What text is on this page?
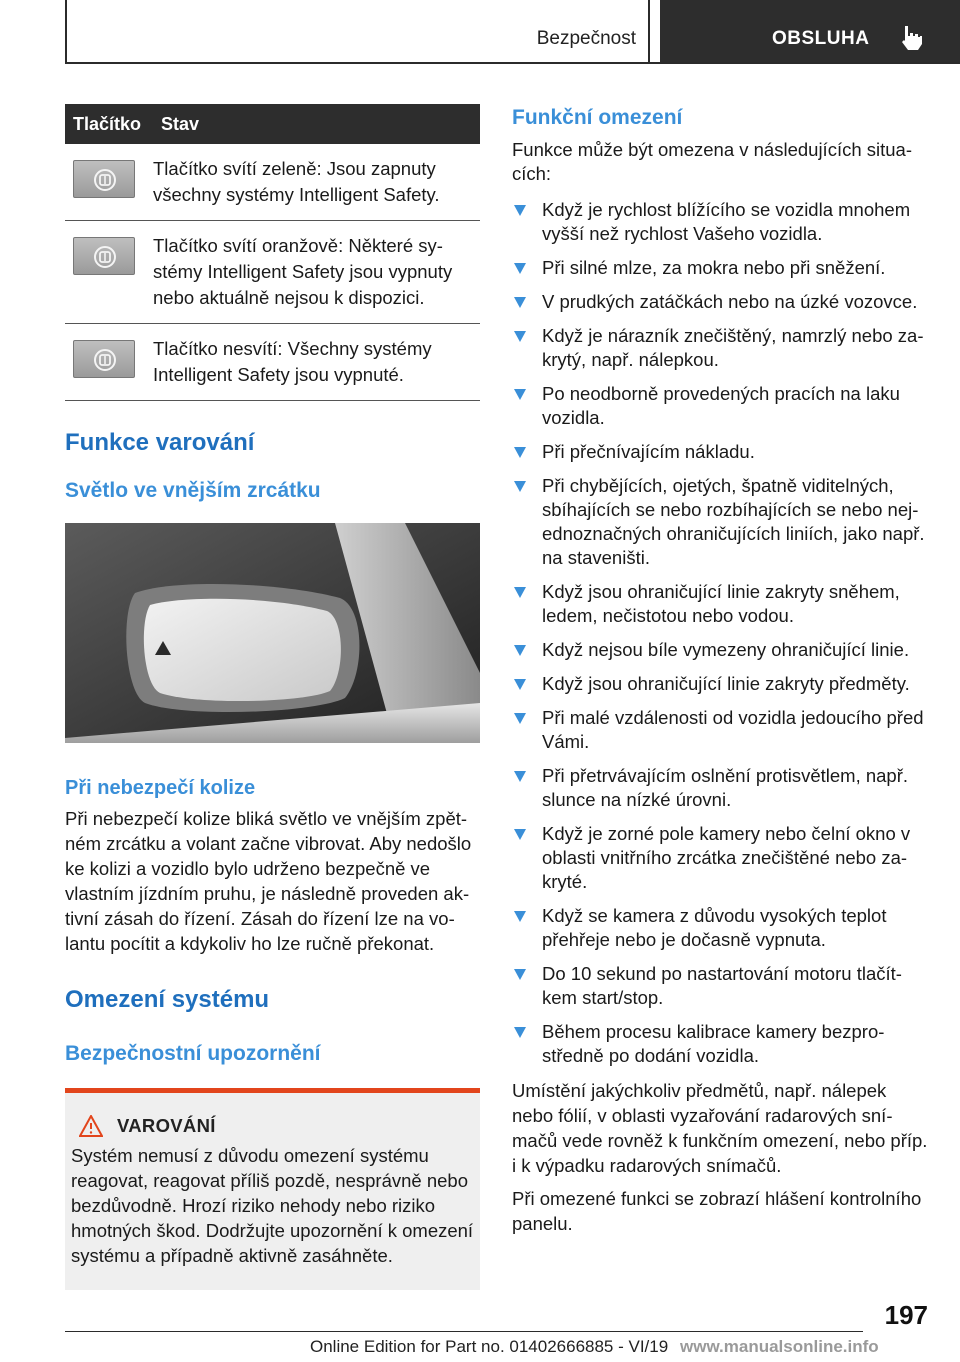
Bezpečnost	OBSLUHA
Tlačítko	Stav

	Tlačítko svítí zeleně: Jsou zapnuty všechny systémy Intelligent Safety.

	Tlačítko svítí oranžově: Některé systémy Intelligent Safety jsou vypnuty nebo aktuálně nejsou k dispozici.

	Tlačítko nesvítí: Všechny systémy Intelligent Safety jsou vypnuté.
Funkce varování
Světlo ve vnějším zrcátku
Při nebezpečí kolize

Při nebezpečí kolize bliká světlo ve vnějším zpětném zrcátku a volant začne vibrovat. Aby nedošlo ke kolizi a vozidlo bylo udrženo bezpečně ve vlastním jízdním pruhu, je následně proveden aktivní zásah do řízení. Zásah do řízení lze na volantu pocítit a kdykoliv ho lze ručně překonat.

Omezení systému
Bezpečnostní upozornění
VAROVÁNÍ

Systém nemusí z důvodu omezení systému reagovat, reagovat příliš pozdě, nesprávně nebo bezdůvodně. Hrozí riziko nehody nebo riziko hmotných škod. Dodržujte upozornění k omezení systému a případně aktivně zasáhněte.

Funkční omezení

Funkce může být omezena v následujících situacích:

Když je rychlost blížícího se vozidla mnohem vyšší než rychlost Vašeho vozidla.
Při silné mlze, za mokra nebo při sněžení.
V prudkých zatáčkách nebo na úzké vozovce.
Když je nárazník znečištěný, namrzlý nebo zakrytý, např. nálepkou.
Po neodborně provedených pracích na laku vozidla.
Při přečnívajícím nákladu.
Při chybějících, ojetých, špatně viditelných, sbíhajících se nebo rozbíhajících se nebo nejednoznačných ohraničujících liniích, jako např. na staveništi.
Když jsou ohraničující linie zakryty sněhem, ledem, nečistotou nebo vodou.
Když nejsou bíle vymezeny ohraničující linie.
Když jsou ohraničující linie zakryty předměty.
Při malé vzdálenosti od vozidla jedoucího před Vámi.
Při přetrvávajícím oslnění protisvětlem, např. slunce na nízké úrovni.
Když je zorné pole kamery nebo čelní okno v oblasti vnitřního zrcátka znečištěné nebo zakryté.
Když se kamera z důvodu vysokých teplot přehřeje nebo je dočasně vypnuta.
Do 10 sekund po nastartování motoru tlačítkem start/stop.
Během procesu kalibrace kamery bezprostředně po dodání vozidla.

Umístění jakýchkoliv předmětů, např. nálepek nebo fólií, v oblasti vyzařování radarových snímačů vede rovněž k funkčním omezení, nebo příp. i k výpadku radarových snímačů.

Při omezené funkci se zobrazí hlášení kontrolního panelu.

197
Online Edition for Part no. 01402666885 - VI/19 www.manualsonline.info
